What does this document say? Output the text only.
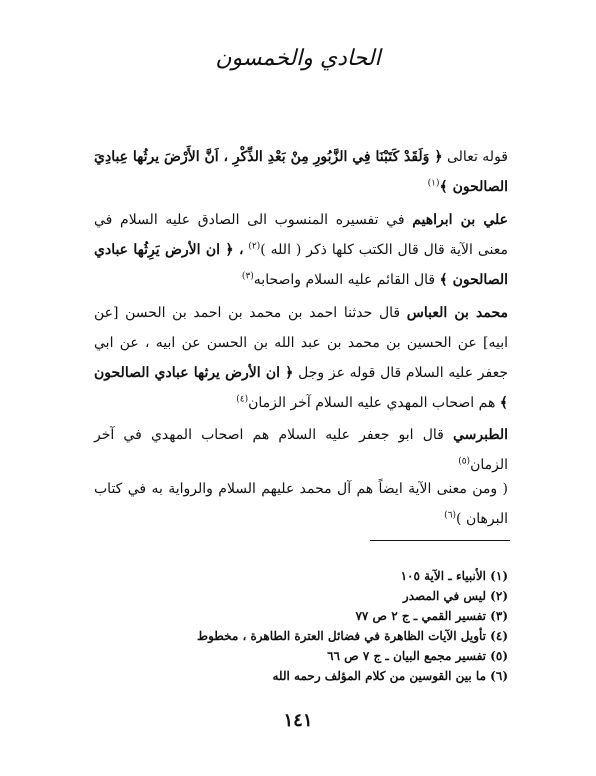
الحادي والخمسون
قوله تعالى ﴿ وَلَقَدْ كَتَبْنَا فِي الزَّبُورِ مِنْ بَعْدِ الذِّكْرِ ، اَنَّ الأَرْضَ يرثُها عِبادِيَ الصالحون ﴾$^{(١)}$
علي بن ابراهيم في تفسيره المنسوب الى الصادق عليه السلام في معنى الآية قال قال الكتب كلها ذكر ( الله )$^{(٢)}$ ، ﴿ ان الأرض يَرِثُها عبادي الصالحون ﴾ قال القائم عليه السلام واصحابه$^{(٣)}$
محمد بن العباس قال حدثنا احمد بن محمد بن احمد بن الحسن [عن ابيه] عن الحسين بن محمد بن عبد الله بن الحسن عن ابيه ، عن ابي جعفر عليه السلام قال قوله عز وجل ﴿ ان الأرض يرثها عبادي الصالحون ﴾ هم اصحاب المهدي عليه السلام آخر الزمان$^{(٤)}$
الطبرسي قال ابو جعفر عليه السلام هم اصحاب المهدي في آخر الزمان$^{(٥)}$
( ومن معنى الآية ايضاً هم آل محمد عليهم السلام والرواية به في كتاب البرهان )$^{(٦)}$
(١) الأنبياء ـ الآية ١٠٥
(٢) ليس في المصدر
(٣) تفسير القمي ـ ج ٢ ص ٧٧
(٤) تأويل الآيات الظاهرة في فضائل العترة الطاهرة ، مخطوط
(٥) تفسير مجمع البيان ـ ج ٧ ص ٦٦
(٦) ما بين القوسين من كلام المؤلف رحمه الله
١٤١
